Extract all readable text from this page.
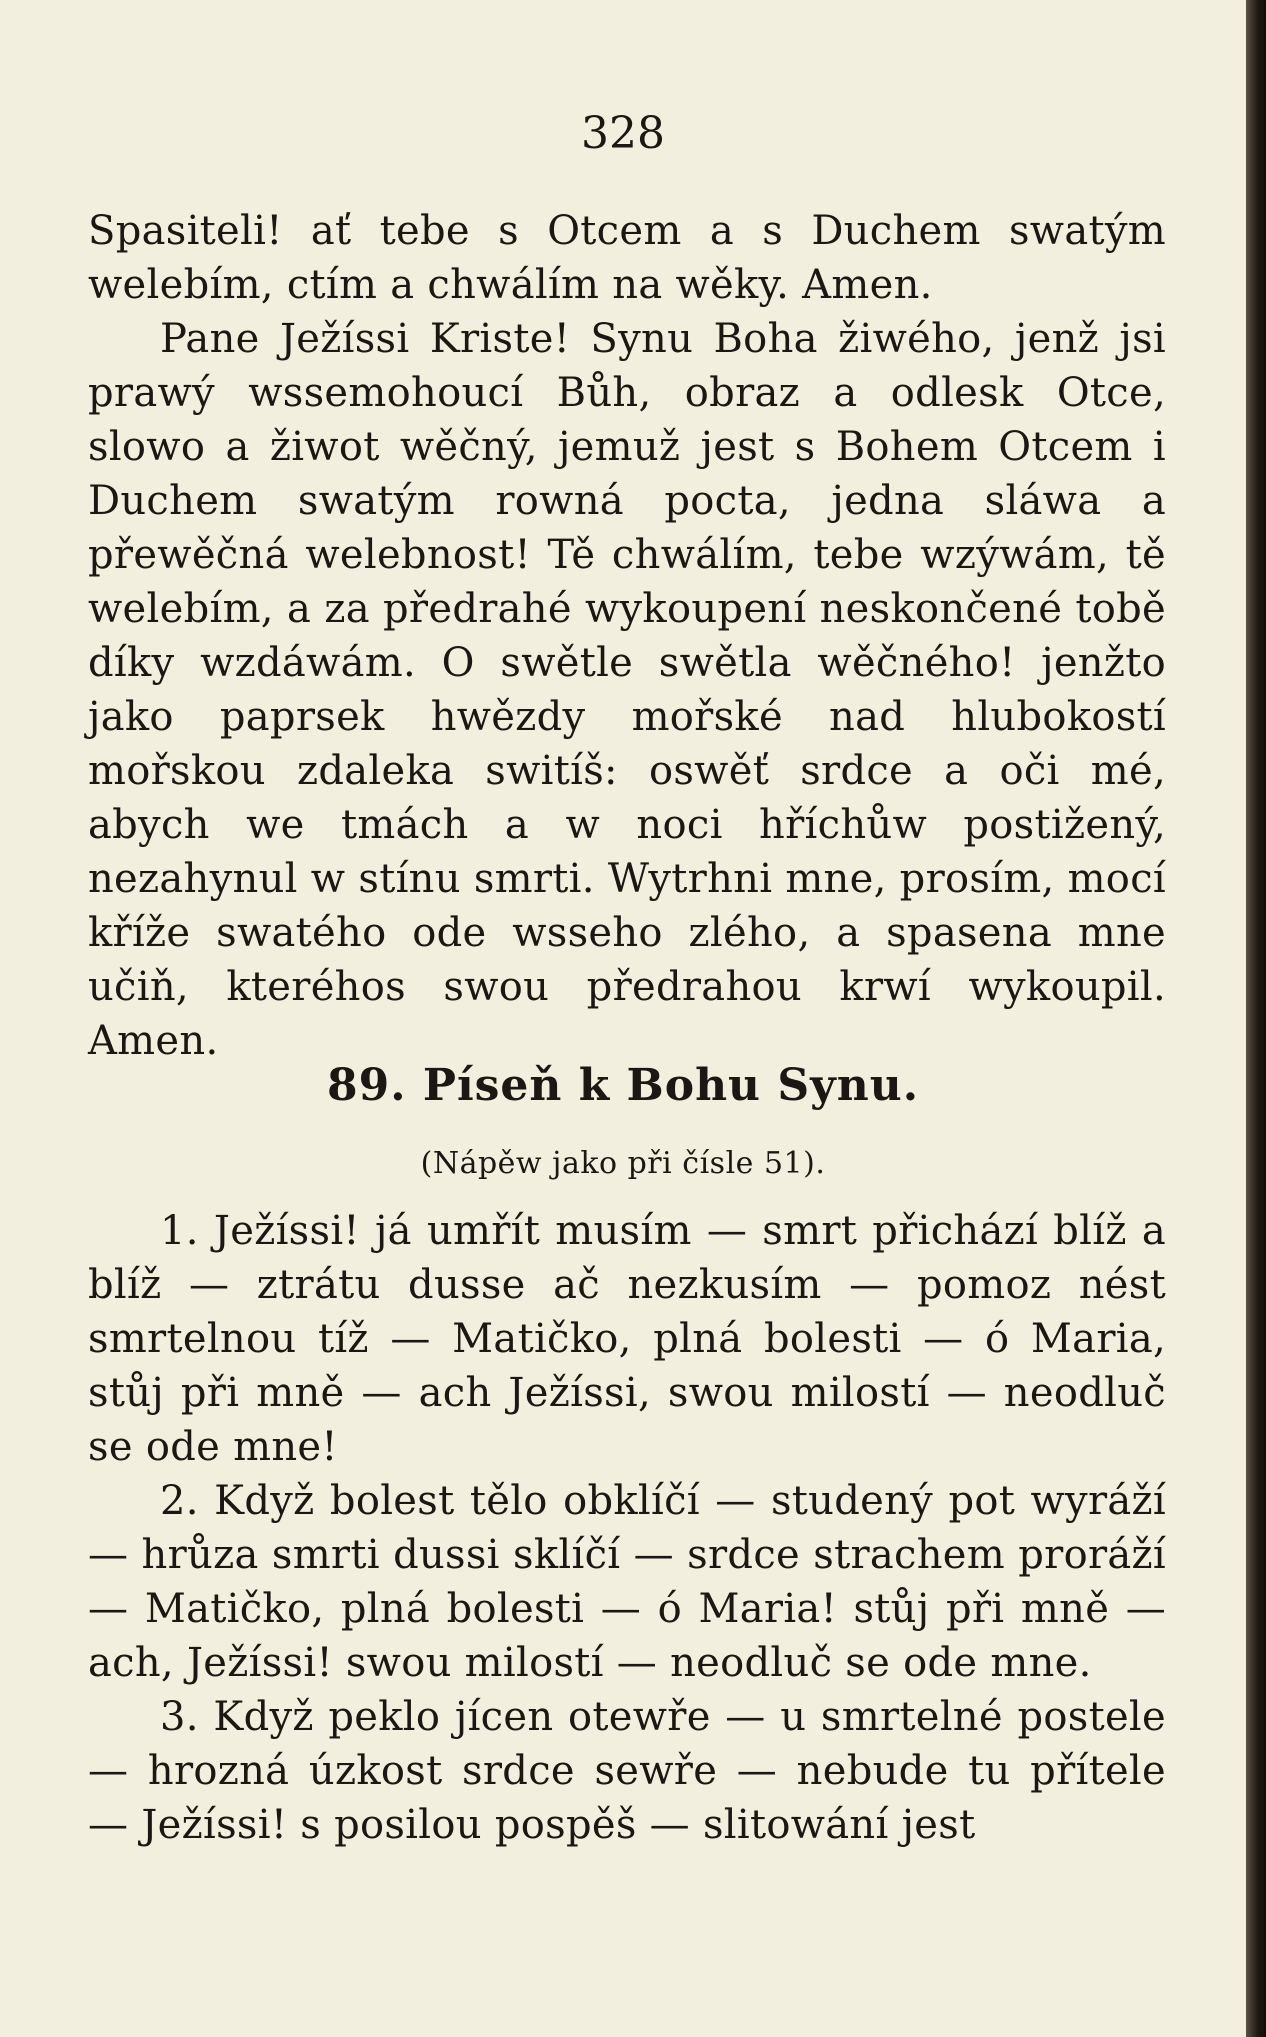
328

Spasiteli! ať tebe s Otcem a s Duchem swatým welebím, ctím a chwálím na wěky. Amen.

Pane Ježíssi Kriste! Synu Boha žiwého, jenž jsi prawý wssemohoucí Bůh, obraz a odlesk Otce, slowo a žiwot wěčný, jemuž jest s Bohem Otcem i Duchem swatým rowná pocta, jedna sláwa a přewěčná welebnost! Tě chwálím, tebe wzýwám, tě welebím, a za předrahé wykoupení neskončené tobě díky wzdáwám. O swětle swětla wěčného! jenžto jako paprsek hwězdy mořské nad hlubokostí mořskou zdaleka switíš: oswěť srdce a oči mé, abych we tmách a w noci hříchůw postižený, nezahynul w stínu smrti. Wytrhni mne, prosím, mocí kříže swatého ode wsseho zlého, a spasena mne učiň, kteréhos swou předrahou krwí wykoupil. Amen.

89. Píseň k Bohu Synu.
(Nápěw jako při čísle 51).

1. Ježíssi! já umřít musím — smrt přichází blíž a blíž — ztrátu dusse ač nezkusím — pomoz nést smrtelnou tíž — Matičko, plná bolesti — ó Maria, stůj při mně — ach Ježíssi, swou milostí — neodluč se ode mne!

2. Když bolest tělo obklíčí — studený pot wyráží — hrůza smrti dussi sklíčí — srdce strachem proráží — Matičko, plná bolesti — ó Maria! stůj při mně — ach, Ježíssi! swou milostí — neodluč se ode mne.

3. Když peklo jícen otewře — u smrtelné postele — hrozná úzkost srdce sewře — nebude tu přítele — Ježíssi! s posilou pospěš — slitowání jest
